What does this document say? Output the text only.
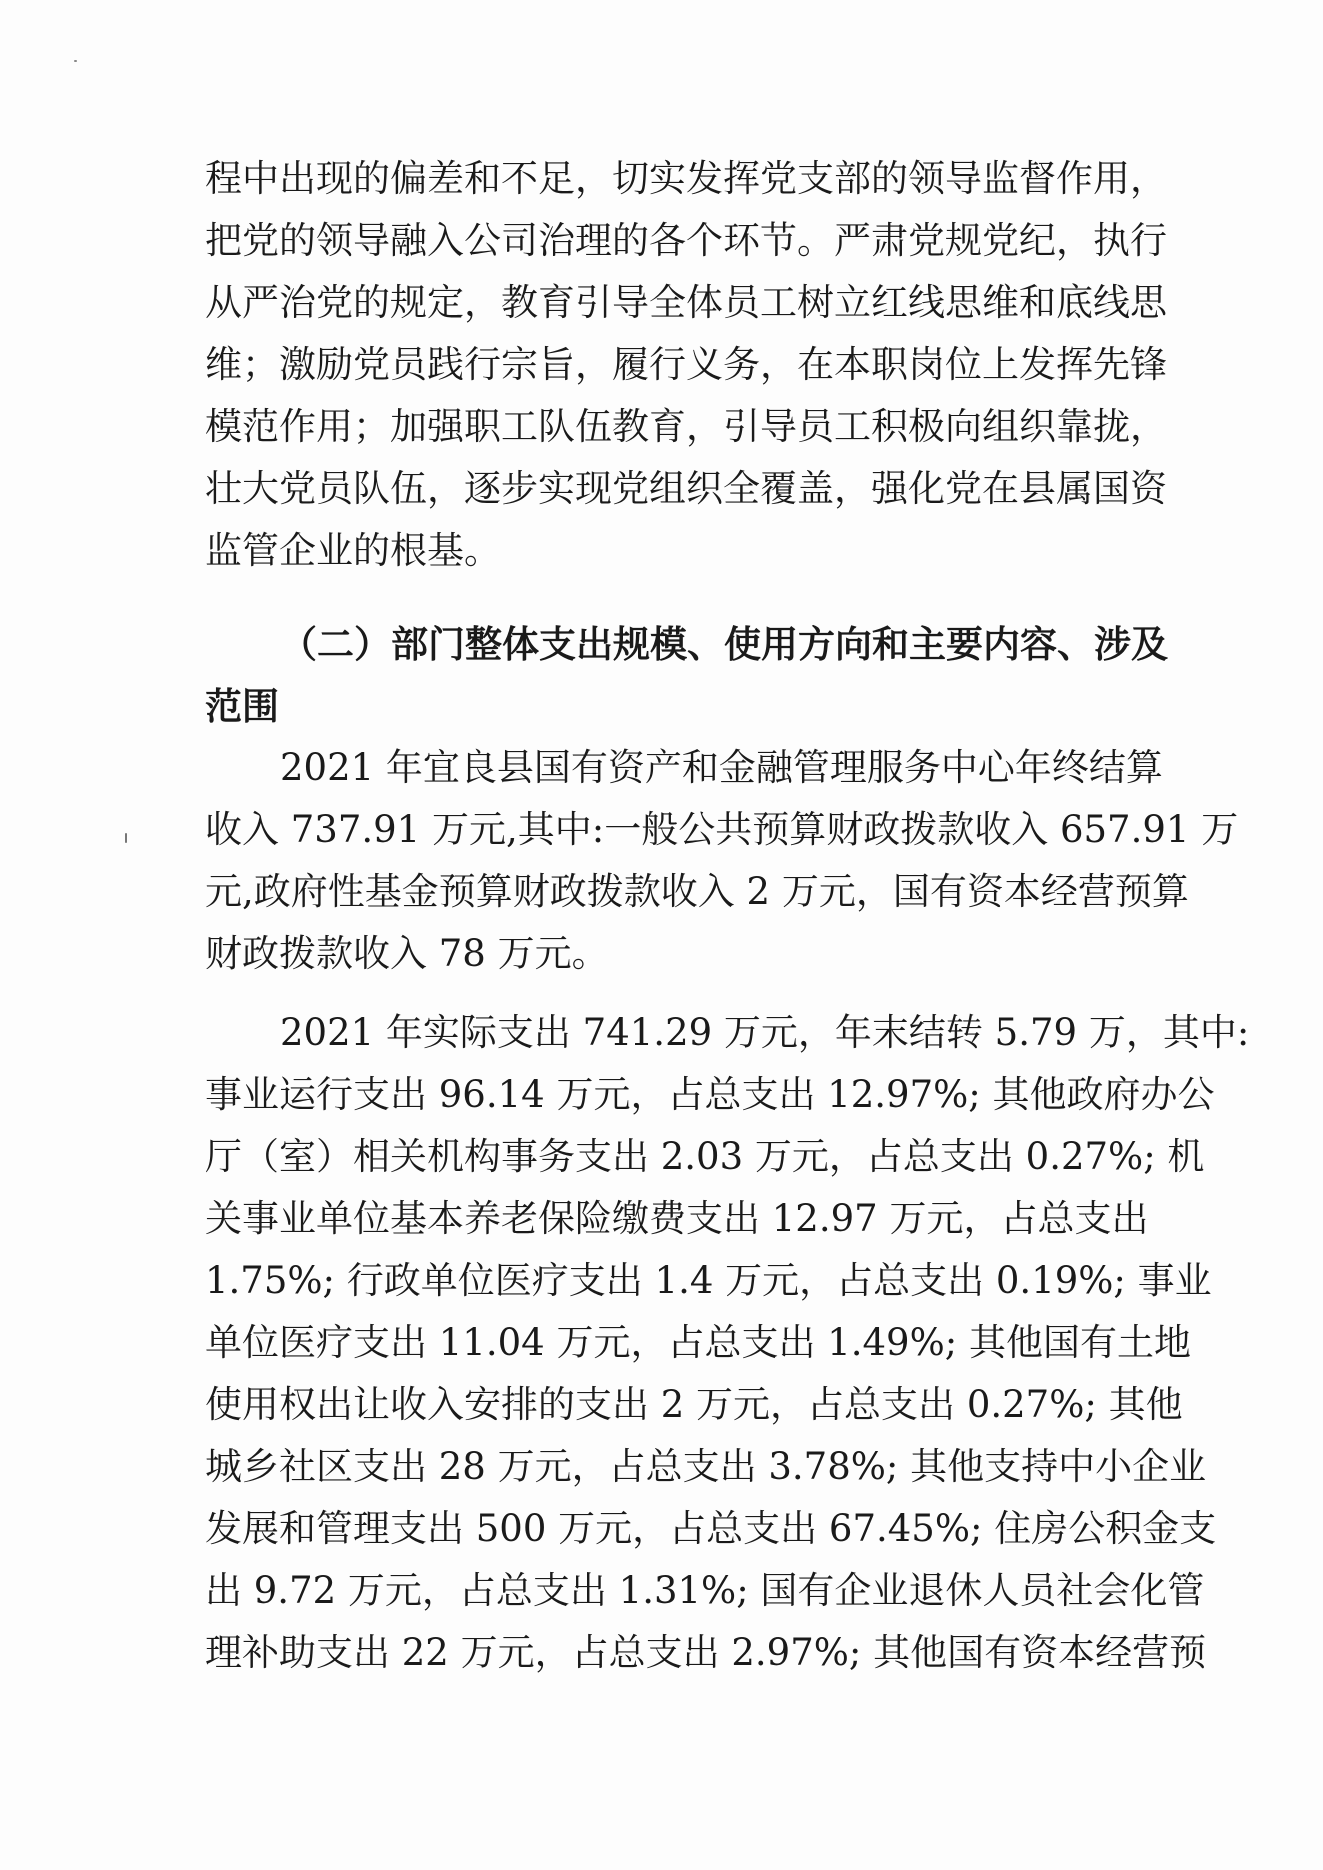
程中出现的偏差和不足，切实发挥党支部的领导监督作用，
把党的领导融入公司治理的各个环节。严肃党规党纪，执行
从严治党的规定，教育引导全体员工树立红线思维和底线思
维；激励党员践行宗旨，履行义务，在本职岗位上发挥先锋
模范作用；加强职工队伍教育，引导员工积极向组织靠拢，
壮大党员队伍，逐步实现党组织全覆盖，强化党在县属国资
监管企业的根基。
（二）部门整体支出规模、使用方向和主要内容、涉及
范围
2021 年宜良县国有资产和金融管理服务中心年终结算
收入 737.91 万元,其中:一般公共预算财政拨款收入 657.91 万
元,政府性基金预算财政拨款收入 2 万元，国有资本经营预算
财政拨款收入 78 万元。
2021 年实际支出 741.29 万元，年末结转 5.79 万，其中:
事业运行支出 96.14 万元，占总支出 12.97%; 其他政府办公
厅（室）相关机构事务支出 2.03 万元，占总支出 0.27%; 机
关事业单位基本养老保险缴费支出 12.97 万元，占总支出
1.75%; 行政单位医疗支出 1.4 万元，占总支出 0.19%; 事业
单位医疗支出 11.04 万元，占总支出 1.49%; 其他国有土地
使用权出让收入安排的支出 2 万元，占总支出 0.27%; 其他
城乡社区支出 28 万元，占总支出 3.78%; 其他支持中小企业
发展和管理支出 500 万元，占总支出 67.45%; 住房公积金支
出 9.72 万元，占总支出 1.31%; 国有企业退休人员社会化管
理补助支出 22 万元，占总支出 2.97%; 其他国有资本经营预
